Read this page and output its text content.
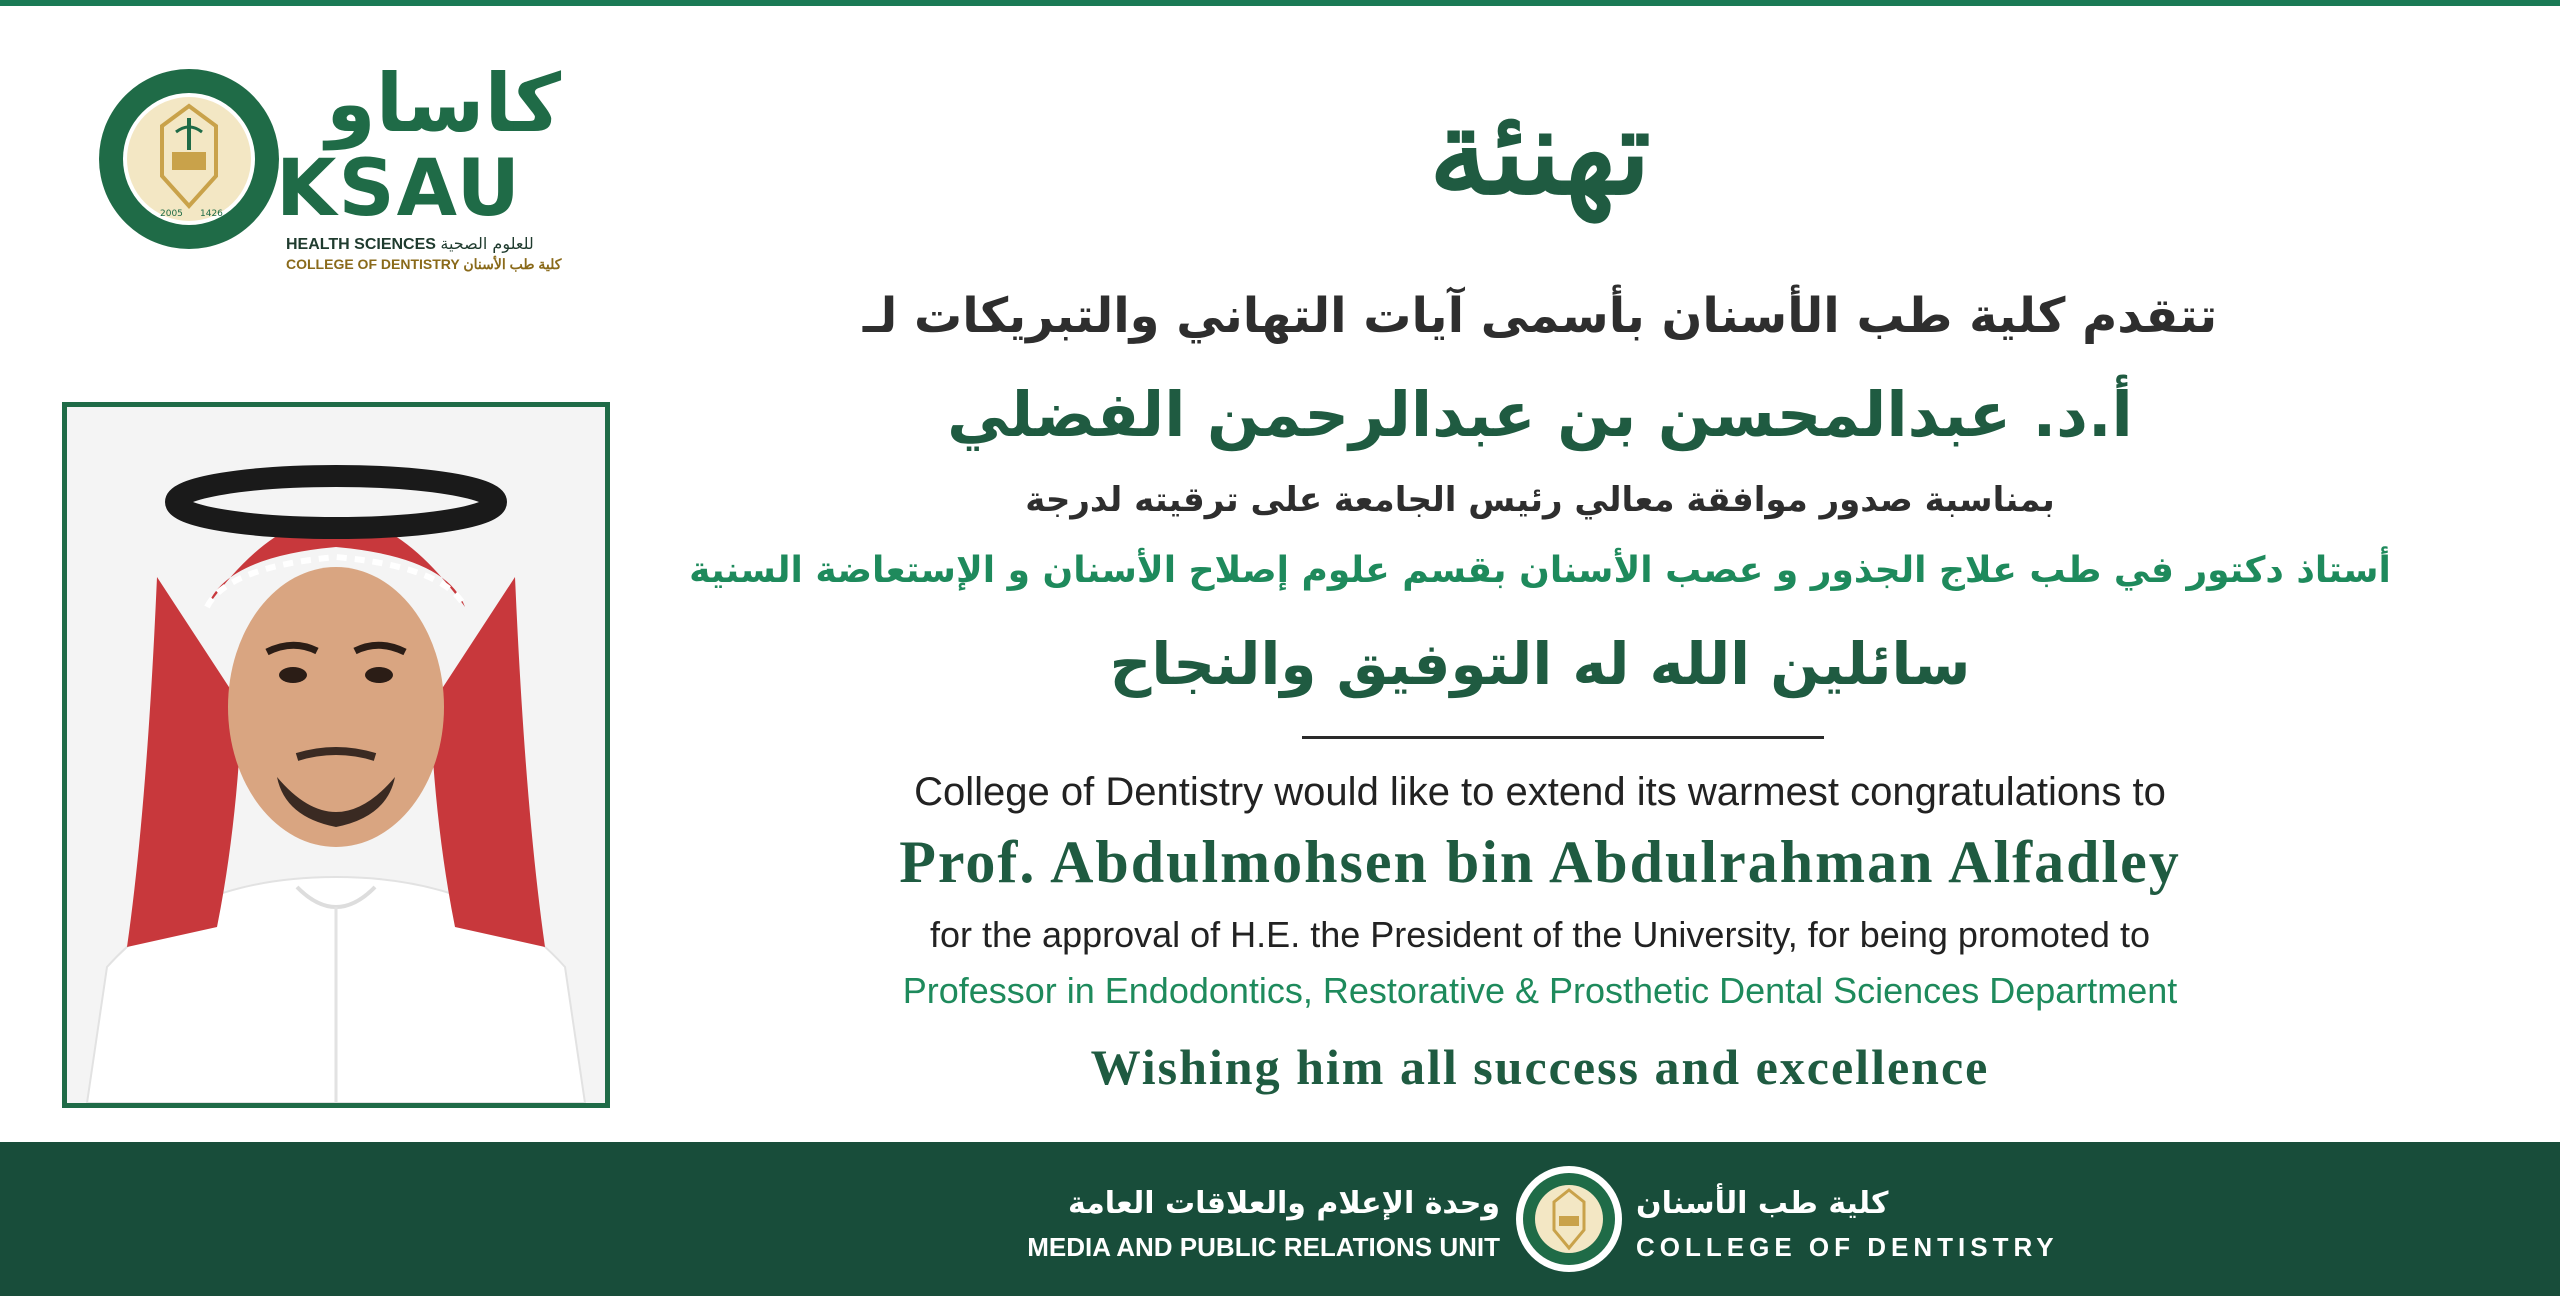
2005 1426
كاساو
KSAU
HEALTH SCIENCES للعلوم الصحية
COLLEGE OF DENTISTRY كلية طب الأسنان
تهنئة
تتقدم كلية طب الأسنان بأسمى آيات التهاني والتبريكات لـ
أ.د. عبدالمحسن بن عبدالرحمن الفضلي
بمناسبة صدور موافقة معالي رئيس الجامعة على ترقيته لدرجة
أستاذ دكتور في طب علاج الجذور و عصب الأسنان بقسم علوم إصلاح الأسنان و الإستعاضة السنية
سائلين الله له التوفيق والنجاح
College of Dentistry would like to extend its warmest congratulations to
Prof. Abdulmohsen bin Abdulrahman Alfadley
for the approval of H.E. the President of the University, for being promoted to
Professor in Endodontics, Restorative & Prosthetic Dental Sciences Department
Wishing him all success and excellence
وحدة الإعلام والعلاقات العامة
MEDIA AND PUBLIC RELATIONS UNIT
كلية طب الأسنان
COLLEGE OF DENTISTRY
